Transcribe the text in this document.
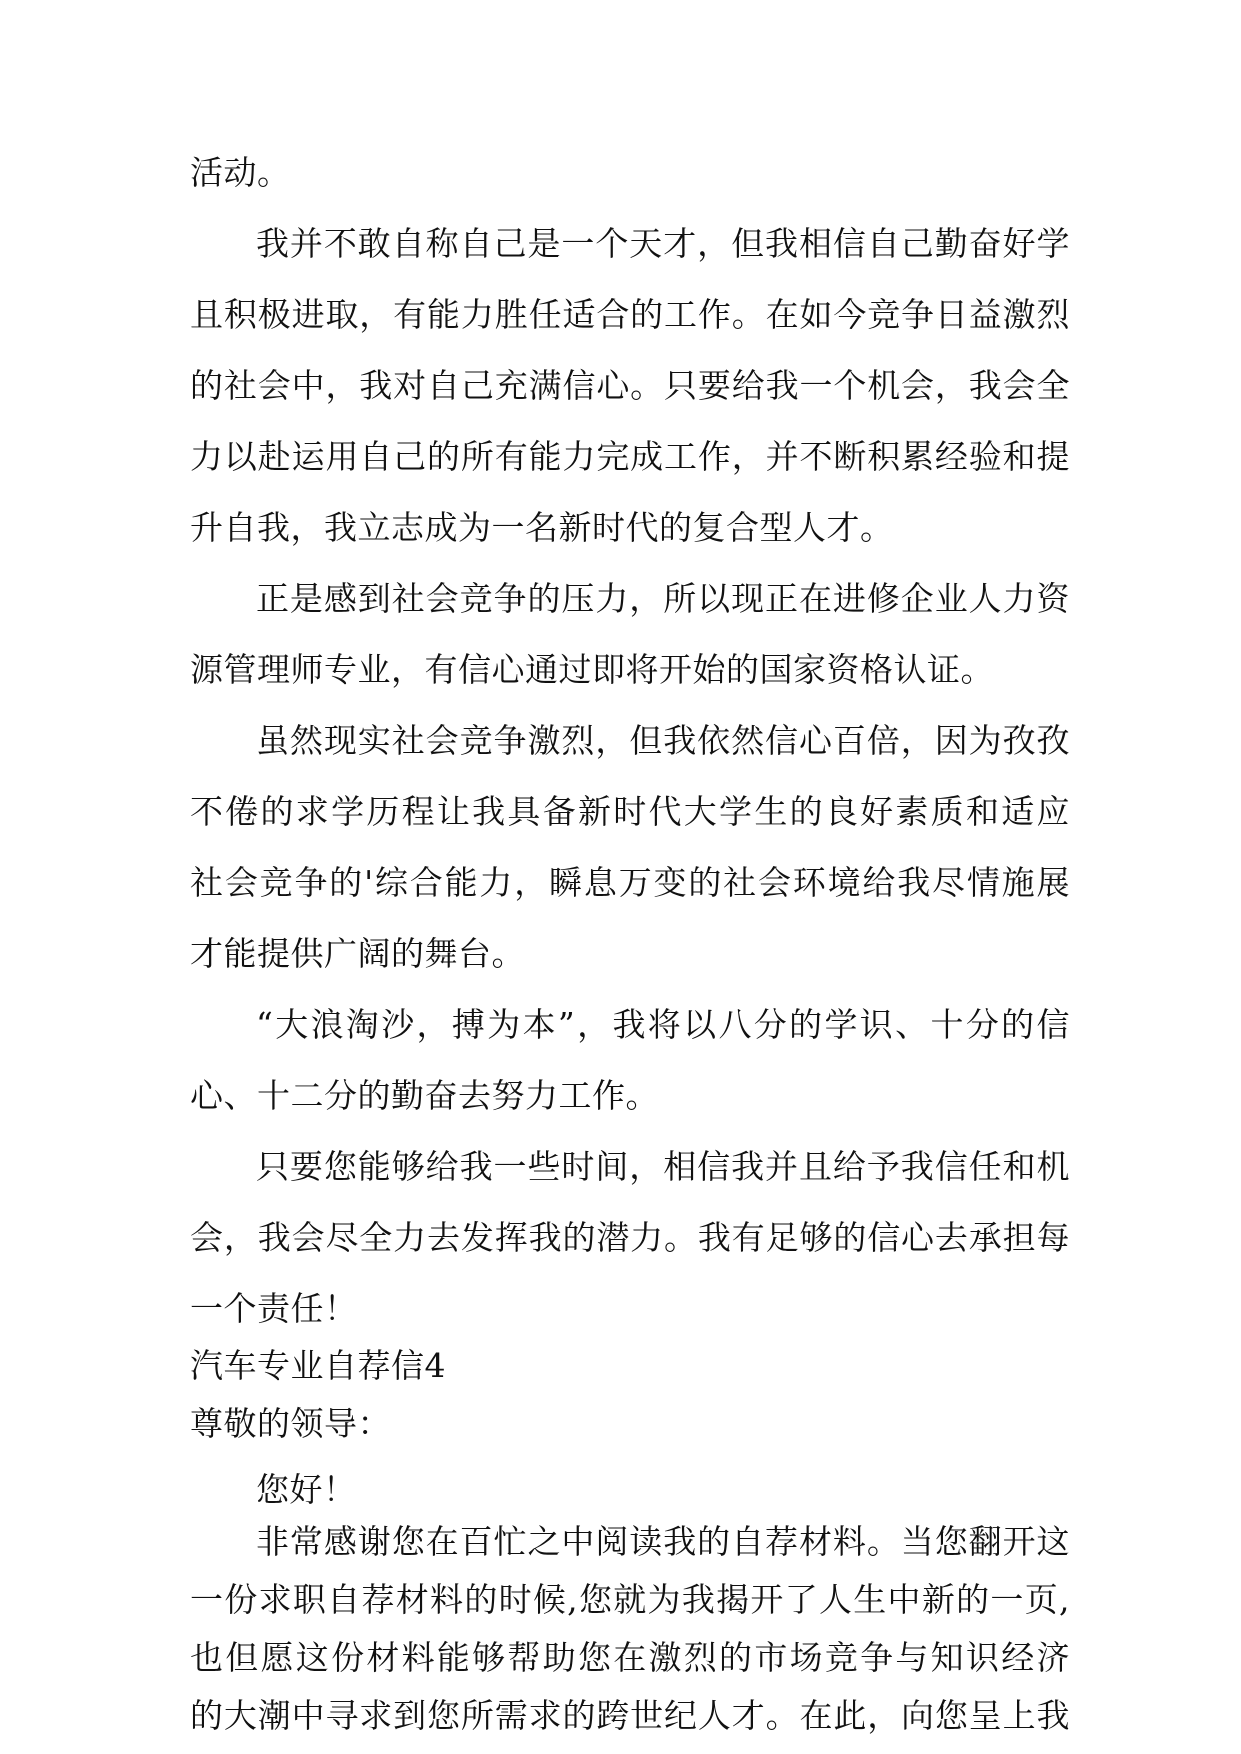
活动。
我并不敢自称自己是一个天才，但我相信自己勤奋好学
且积极进取，有能力胜任适合的工作。在如今竞争日益激烈
的社会中，我对自己充满信心。只要给我一个机会，我会全
力以赴运用自己的所有能力完成工作，并不断积累经验和提
升自我，我立志成为一名新时代的复合型人才。
正是感到社会竞争的压力，所以现正在进修企业人力资
源管理师专业，有信心通过即将开始的国家资格认证。
虽然现实社会竞争激烈，但我依然信心百倍，因为孜孜
不倦的求学历程让我具备新时代大学生的良好素质和适应
社会竞争的'综合能力，瞬息万变的社会环境给我尽情施展
才能提供广阔的舞台。
“大浪淘沙，搏为本”，我将以八分的学识、十分的信
心、十二分的勤奋去努力工作。
只要您能够给我一些时间，相信我并且给予我信任和机
会，我会尽全力去发挥我的潜力。我有足够的信心去承担每
一个责任！
汽车专业自荐信4
尊敬的领导：
您好！
非常感谢您在百忙之中阅读我的自荐材料。当您翻开这
一份求职自荐材料的时候,您就为我揭开了人生中新的一页,
也但愿这份材料能够帮助您在激烈的市场竞争与知识经济
的大潮中寻求到您所需求的跨世纪人才。在此，向您呈上我
